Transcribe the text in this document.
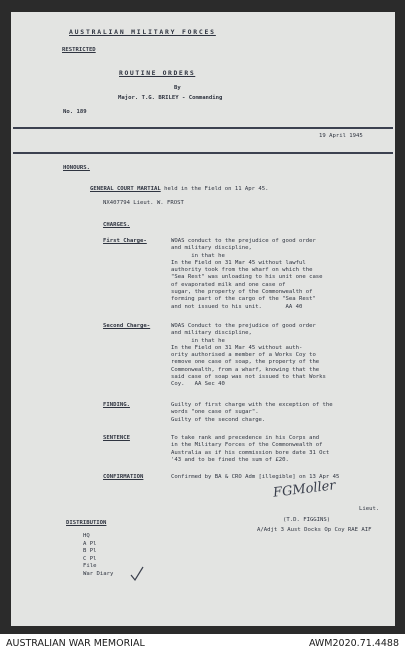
AUSTRALIAN MILITARY FORCES
RESTRICTED
ROUTINE ORDERS
By
Major. T.G. BRILEY - Commanding
No. 189
19 April 1945
HONOURS.
GENERAL COURT MARTIAL held in the Field on 11 Apr 45.
NX407794 Lieut. W. FROST
CHARGES.
First Charge-	WOAS conduct to the prejudice of good order
and military discipline,
in that he
In the Field on 31 Mar 45 without lawful
authority took from the wharf on which the
"Sea Rest" was unloading to his unit one case
of evaporated milk and one case of
sugar, the property of the Commonwealth of
forming part of the cargo of the "Sea Rest"
and not issued to his unit.       AA 40
Second Charge-	WOAS Conduct to the prejudice of good order
and military discipline,
in that he
In the Field on 31 Mar 45 without auth-
ority authorised a member of a Works Coy to
remove one case of soap, the property of the
Commonwealth, from a wharf, knowing that the
said case of soap was not issued to that Works
Coy.   AA Sec 40
FINDING.	Guilty of first charge with the exception of the
words "one case of sugar".
Guilty of the second charge.
SENTENCE	To take rank and precedence in his Corps and
in the Military Forces of the Commonwealth of
Australia as if his commission bore date 31 Oct
'43 and to be fined the sum of £20.
CONFIRMATION	Confirmed by BA & CRO Adm [illegible] on 13 Apr 45
FGMoller
Lieut.
(T.D. FIGGINS)
A/Adjt 3 Aust Docks Op Coy RAE AIF
DISTRIBUTION
HQ
A Pl
B Pl
C Pl
File
War Diary
AUSTRALIAN WAR MEMORIAL	AWM2020.71.4488
